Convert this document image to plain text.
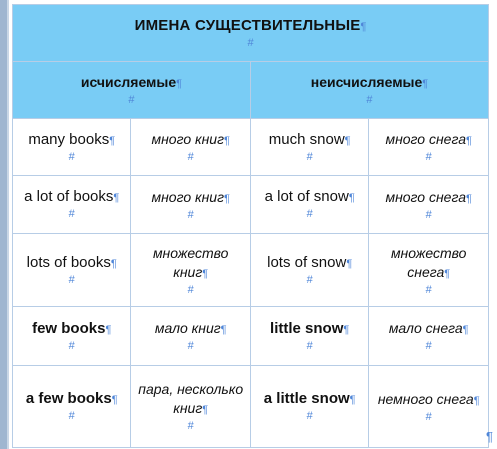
ИМЕНА СУЩЕСТВИТЕЛЬНЫЕ¶
#			

исчисляемые¶
#		неисчисляемые¶
#	

many books¶
#	много книг¶
#	much snow¶
#	много снега¶
#

a lot of books¶
#	много книг¶
#	a lot of snow¶
#	много снега¶
#

lots of books¶
#	множество книг¶
#	lots of snow¶
#	множество снега¶
#

few books¶
#	мало книг¶
#	little snow¶
#	мало снега¶
#

a few books¶
#	пара, несколько книг¶
#	a little snow¶
#	немного снега¶
#
¶
